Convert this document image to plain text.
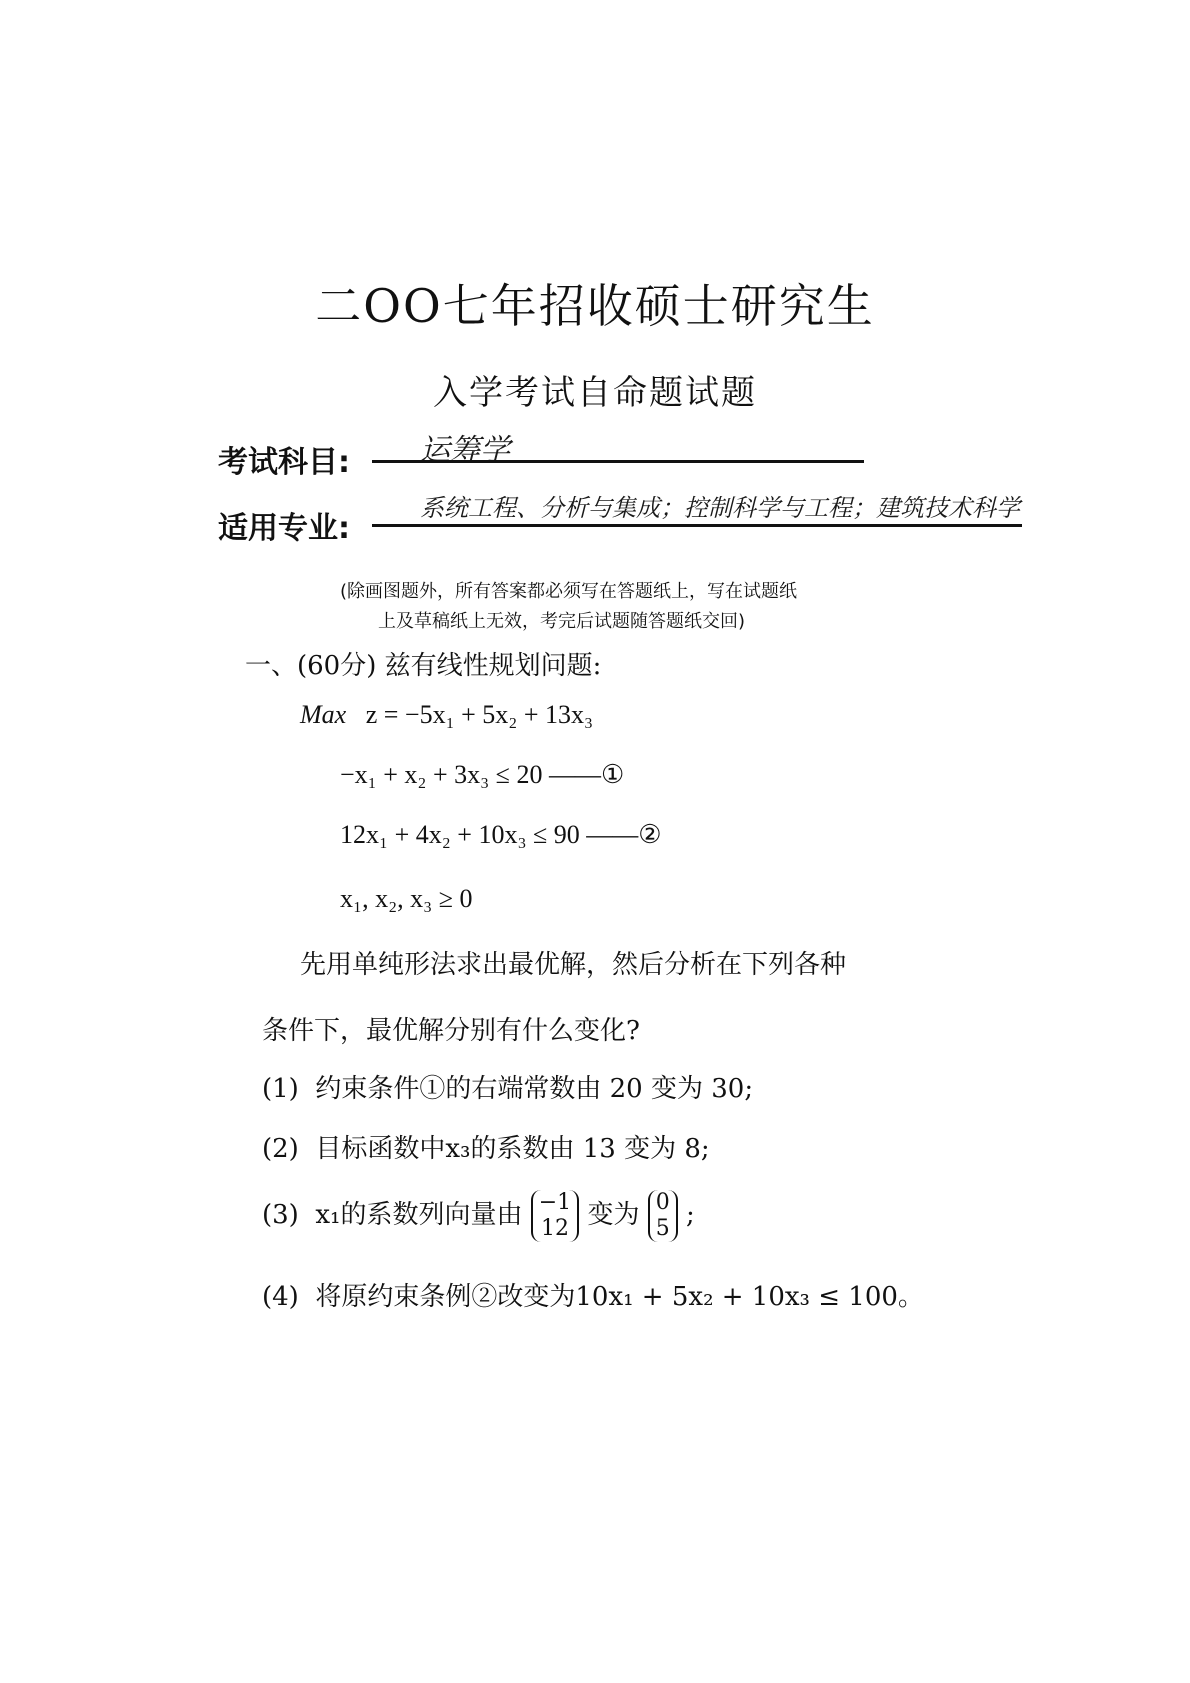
二OO七年招收硕士研究生
入学考试自命题试题
考试科目: 运筹学
适用专业:
系统工程、分析与集成；控制科学与工程；建筑技术科学
(除画图题外，所有答案都必须写在答题纸上，写在试题纸
上及草稿纸上无效，考完后试题随答题纸交回)
一、(60分) 兹有线性规划问题:
Max z = −5x₁ + 5x₂ + 13x₃
−x₁ + x₂ + 3x₃ ≤ 20 ——①
12x₁ + 4x₂ + 10x₃ ≤ 90 ——②
x₁, x₂, x₃ ≥ 0
先用单纯形法求出最优解，然后分析在下列各种
条件下，最优解分别有什么变化?
(1) 约束条件①的右端常数由 20 变为 30;
(2) 目标函数中x₃的系数由 13 变为 8;
(3) x₁的系数列向量由 −1
12 变为 0
5 ;
(4) 将原约束条例②改变为10x₁ + 5x₂ + 10x₃ ≤ 100。
